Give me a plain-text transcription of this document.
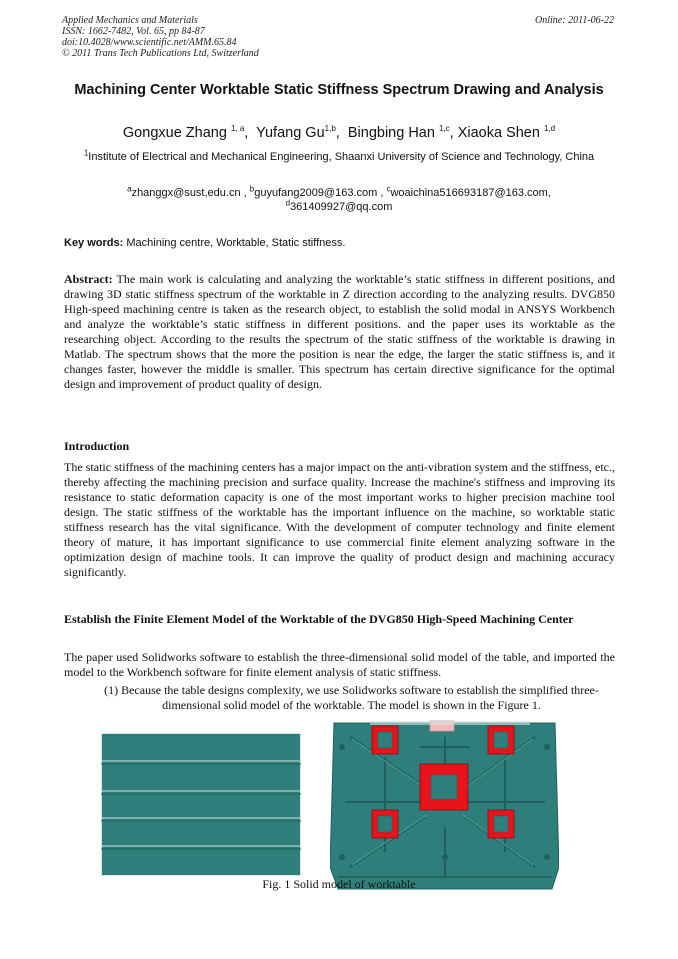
Applied Mechanics and Materials
ISSN: 1662-7482, Vol. 65, pp 84-87
doi:10.4028/www.scientific.net/AMM.65.84
© 2011 Trans Tech Publications Ltd, Switzerland
Online: 2011-06-22
Machining Center Worktable Static Stiffness Spectrum Drawing and Analysis
Gongxue Zhang $^{1, a}$,  Yufang Gu$^{1,b}$,  Bingbing Han $^{1,c}$, Xiaoka Shen $^{1,d}$
$^1$Institute of Electrical and Mechanical Engineering, Shaanxi University of Science and Technology, China
$^a$zhanggx@sust,edu.cn , $^b$guyufang2009@163.com , $^c$woaichina516693187@163.com,
$^d$361409927@qq.com
Key words: Machining centre, Worktable, Static stiffness.
Abstract: The main work is calculating and analyzing the worktable’s static stiffness in different positions, and drawing 3D static stiffness spectrum of the worktable in Z direction according to the analyzing results. DVG850 High-speed machining centre is taken as the research object, to establish the solid modal in ANSYS Workbench and analyze the worktable’s static stiffness in different positions. and the paper uses its worktable as the researching object. According to the results the spectrum of the static stiffness of the worktable is drawing in Matlab. The spectrum shows that the more the position is near the edge, the larger the static stiffness is, and it changes faster, however the middle is smaller. This spectrum has certain directive significance for the optimal design and improvement of product quality of design.
Introduction
The static stiffness of the machining centers has a major impact on the anti-vibration system and the stiffness, etc., thereby affecting the machining precision and surface quality. Increase the machine's stiffness and improving its resistance to static deformation capacity is one of the most important works to higher precision machine tool design. The static stiffness of the worktable has the important influence on the machine, so worktable static stiffness research has the vital significance. With the development of computer technology and finite element theory of mature, it has important significance to use commercial finite element analyzing software in the optimization design of machine tools. It can improve the quality of product design and machining accuracy significantly.
Establish the Finite Element Model of the Worktable of the DVG850 High-Speed Machining Center
The paper used Solidworks software to establish the three-dimensional solid model of the table, and imported the model to the Workbench software for finite element analysis of static stiffness.
(1) Because the table designs complexity, we use Solidworks software to establish the simplified three-dimensional solid model of the worktable. The model is shown in the Figure 1.
Fig. 1 Solid model of worktable
